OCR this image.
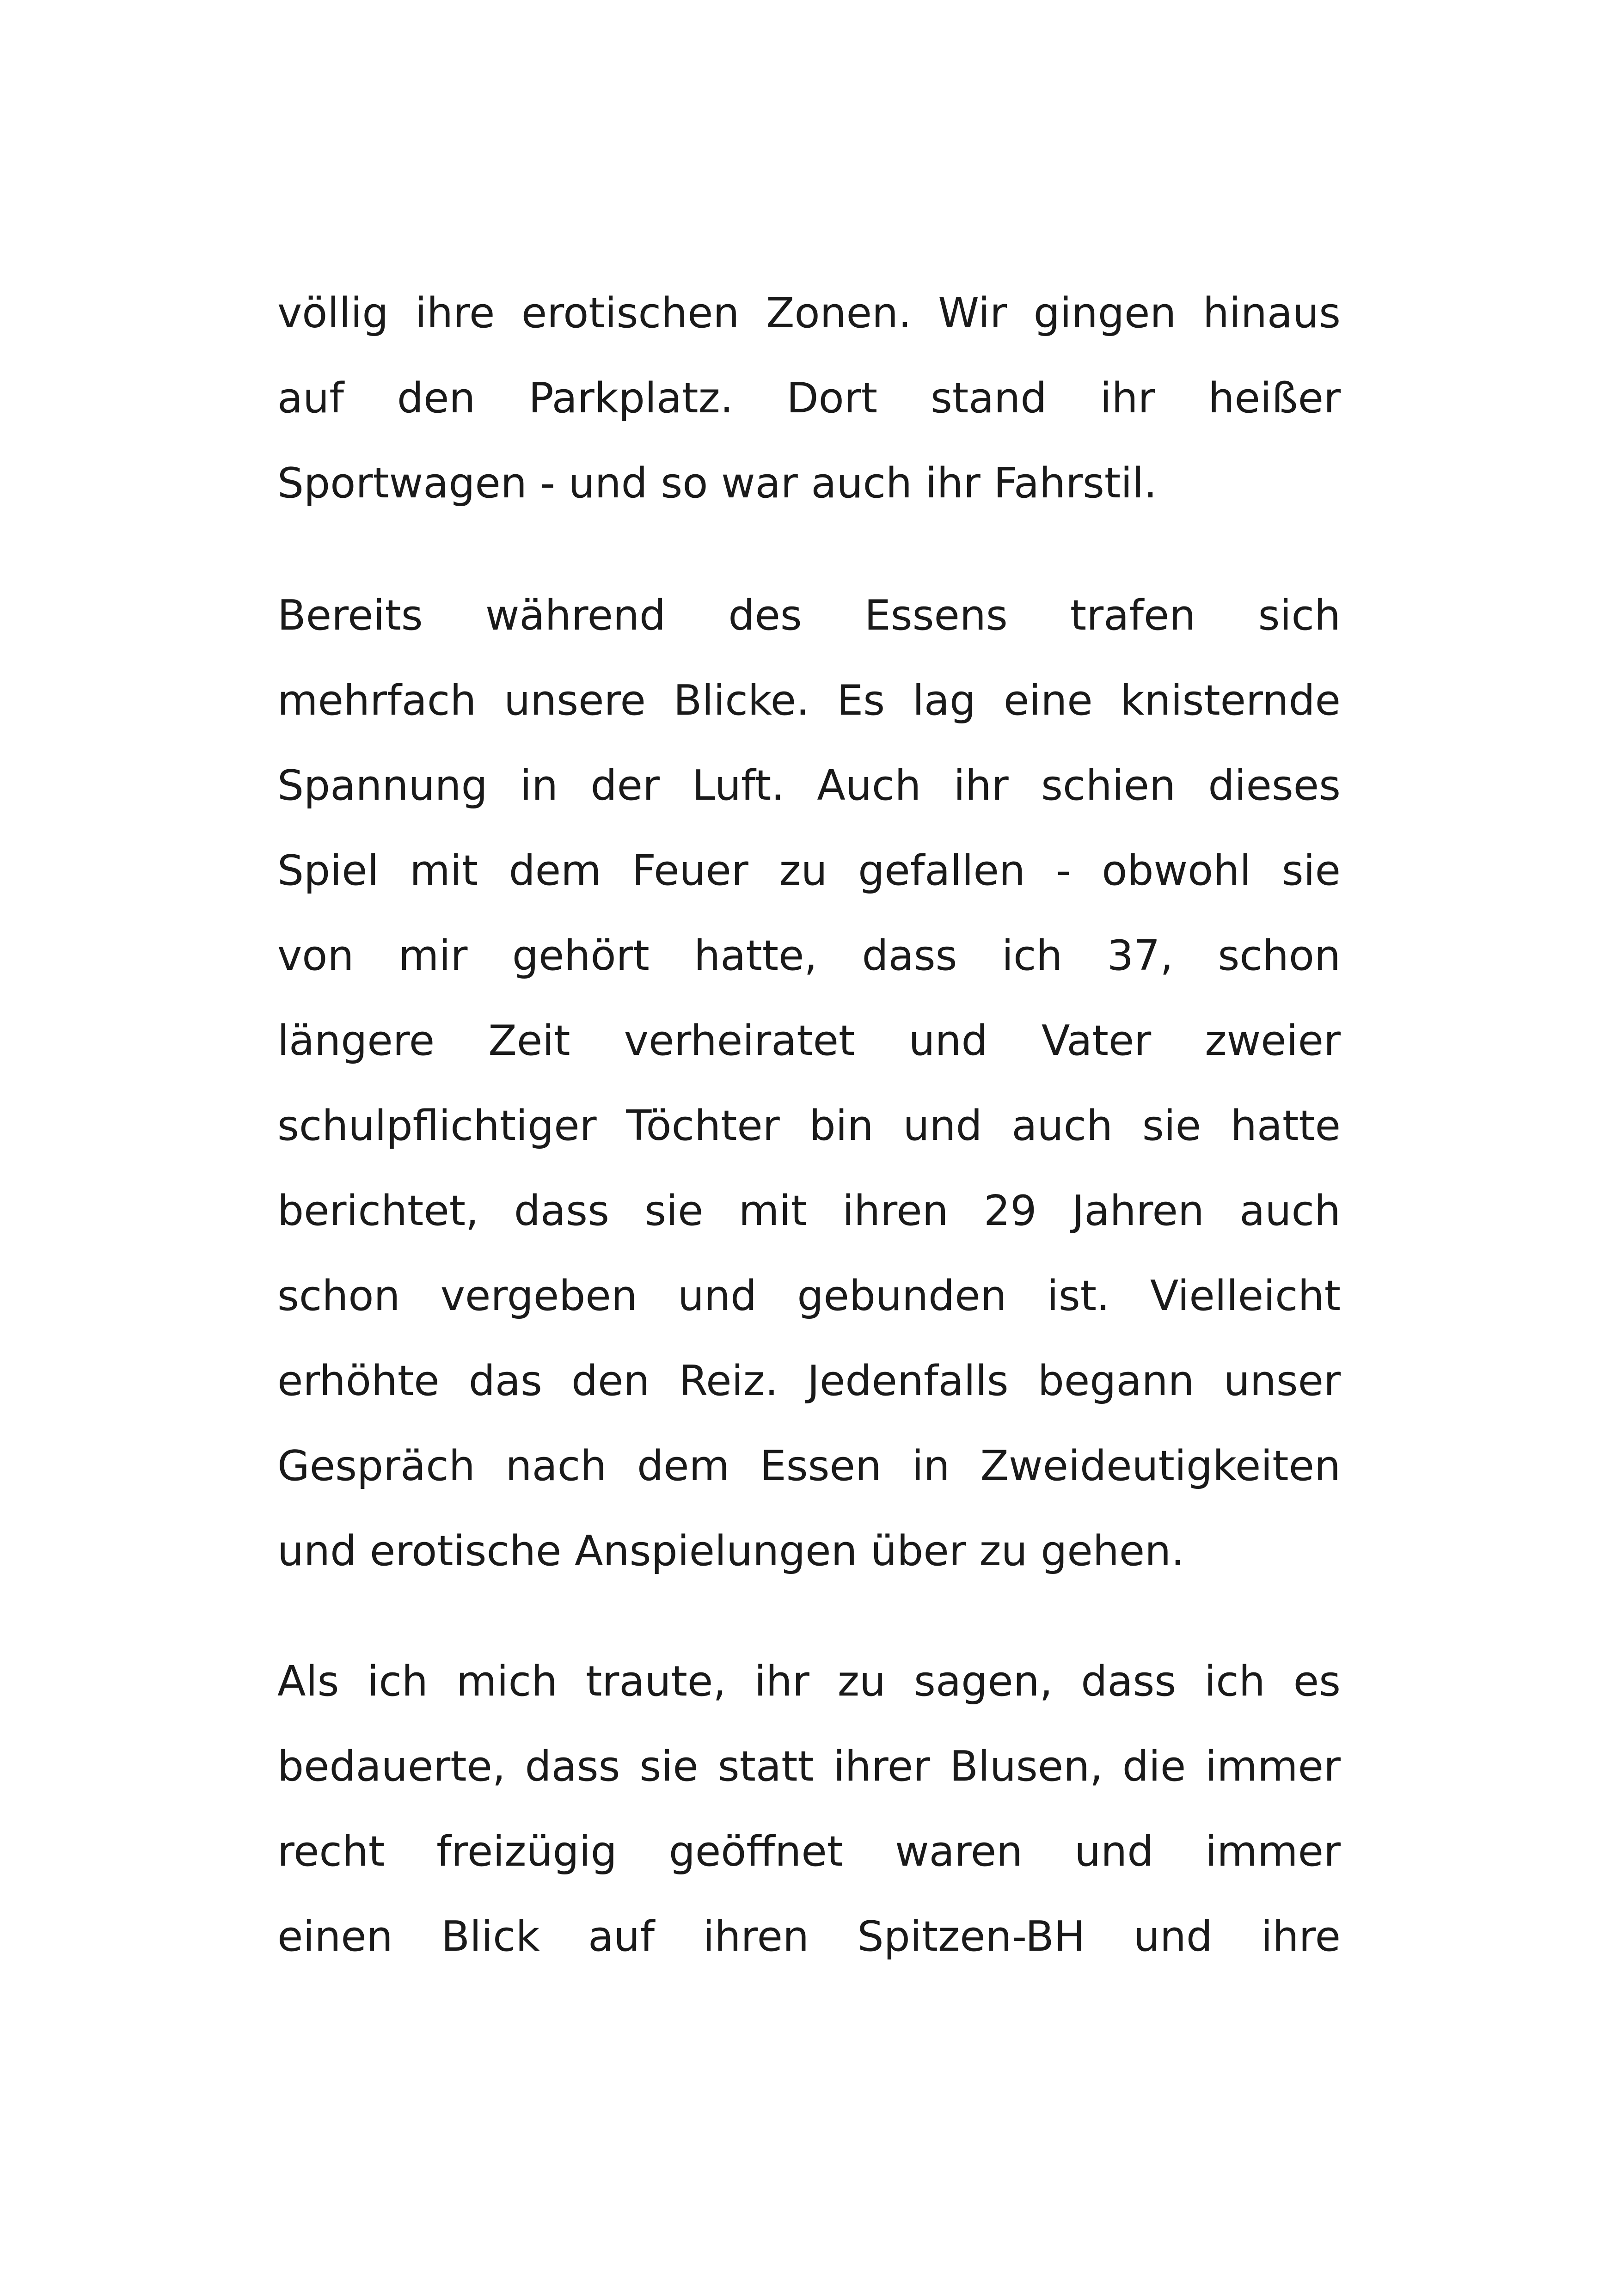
völlig ihre erotischen Zonen. Wir gingen hinaus
auf den Parkplatz. Dort stand ihr heißer
Sportwagen - und so war auch ihr Fahrstil.
Bereits während des Essens trafen sich
mehrfach unsere Blicke. Es lag eine knisternde
Spannung in der Luft. Auch ihr schien dieses
Spiel mit dem Feuer zu gefallen - obwohl sie
von mir gehört hatte, dass ich 37, schon
längere Zeit verheiratet und Vater zweier
schulpflichtiger Töchter bin und auch sie hatte
berichtet, dass sie mit ihren 29 Jahren auch
schon vergeben und gebunden ist. Vielleicht
erhöhte das den Reiz. Jedenfalls begann unser
Gespräch nach dem Essen in Zweideutigkeiten
und erotische Anspielungen über zu gehen.
Als ich mich traute, ihr zu sagen, dass ich es
bedauerte, dass sie statt ihrer Blusen, die immer
recht freizügig geöffnet waren und immer
einen Blick auf ihren Spitzen-BH und ihre
